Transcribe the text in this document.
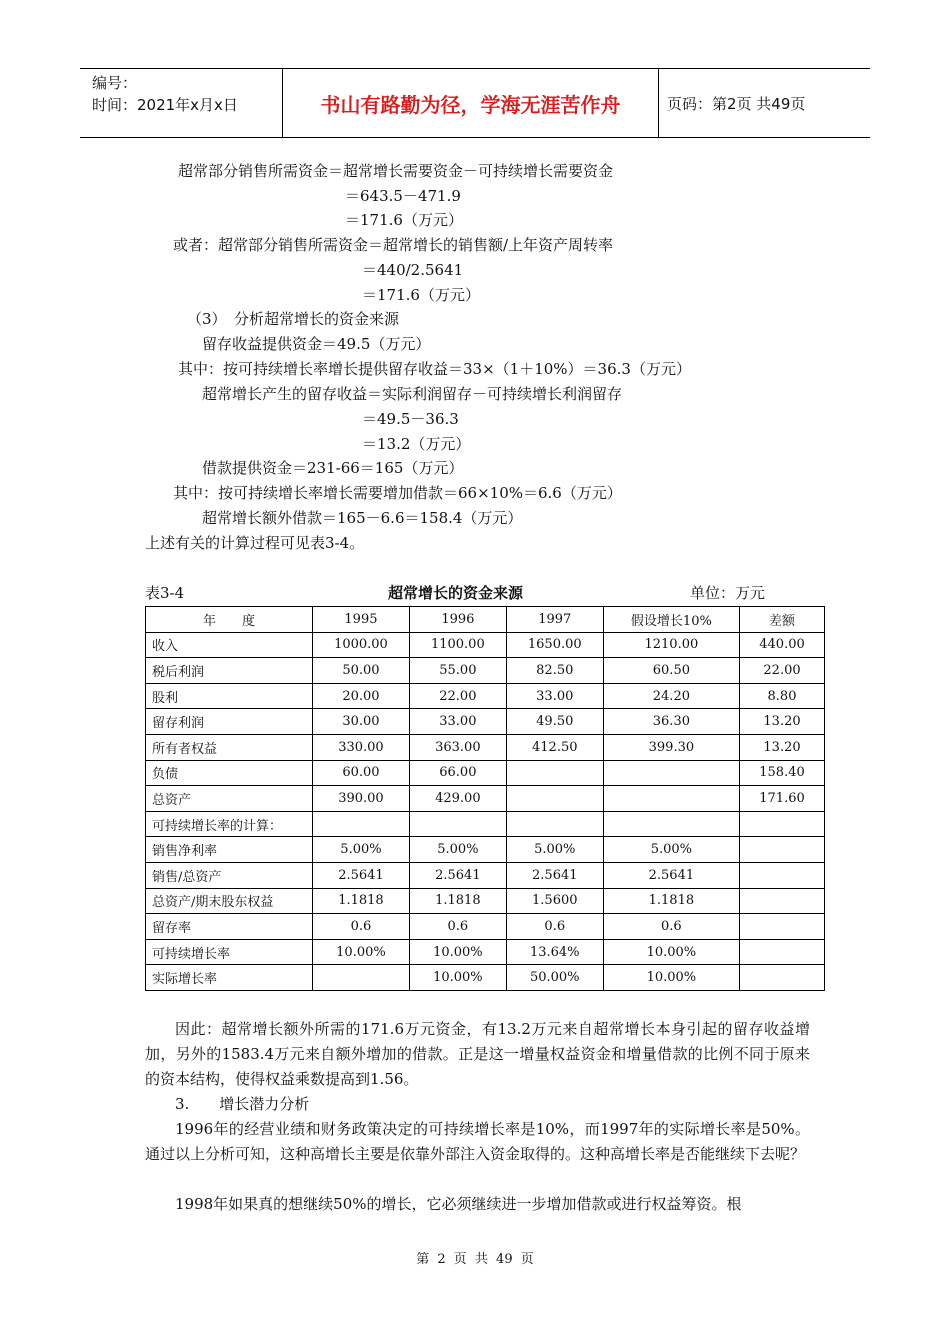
编号：
时间：2021年x月x日	书山有路勤为径，学海无涯苦作舟	页码：第2页 共49页
超常部分销售所需资金＝超常增长需要资金－可持续增长需要资金
＝643.5－471.9
＝171.6（万元）
或者：超常部分销售所需资金＝超常增长的销售额/上年资产周转率
＝440/2.5641
＝171.6（万元）
（3）　分析超常增长的资金来源
留存收益提供资金＝49.5（万元）
其中：按可持续增长率增长提供留存收益＝33×（1＋10%）＝36.3（万元）
超常增长产生的留存收益＝实际利润留存－可持续增长利润留存
＝49.5－36.3
＝13.2（万元）
借款提供资金＝231-66＝165（万元）
其中：按可持续增长率增长需要增加借款＝66×10%＝6.6（万元）
超常增长额外借款＝165－6.6＝158.4（万元）
上述有关的计算过程可见表3-4。
表3-4	超常增长的资金来源	单位：万元
年　　度	1995	1996	1997	假设增长10%	差额
收入	1000.00	1100.00	1650.00	1210.00	440.00
税后利润	50.00	55.00	82.50	60.50	22.00
股利	20.00	22.00	33.00	24.20	8.80
留存利润	30.00	33.00	49.50	36.30	13.20
所有者权益	330.00	363.00	412.50	399.30	13.20
负债	60.00	66.00			158.40
总资产	390.00	429.00			171.60
可持续增长率的计算：					
销售净利率	5.00%	5.00%	5.00%	5.00%	
销售/总资产	2.5641	2.5641	2.5641	2.5641	
总资产/期末股东权益	1.1818	1.1818	1.5600	1.1818	
留存率	0.6	0.6	0.6	0.6	
可持续增长率	10.00%	10.00%	13.64%	10.00%	
实际增长率		10.00%	50.00%	10.00%	
因此：超常增长额外所需的171.6万元资金，有13.2万元来自超常增长本身引起的留存收益增加，另外的1583.4万元来自额外增加的借款。正是这一增量权益资金和增量借款的比例不同于原来的资本结构，使得权益乘数提高到1.56。
3.　　增长潜力分析
1996年的经营业绩和财务政策决定的可持续增长率是10%，而1997年的实际增长率是50%。通过以上分析可知，这种高增长主要是依靠外部注入资金取得的。这种高增长率是否能继续下去呢？
1998年如果真的想继续50%的增长，它必须继续进一步增加借款或进行权益筹资。根
第 2 页 共 49 页
